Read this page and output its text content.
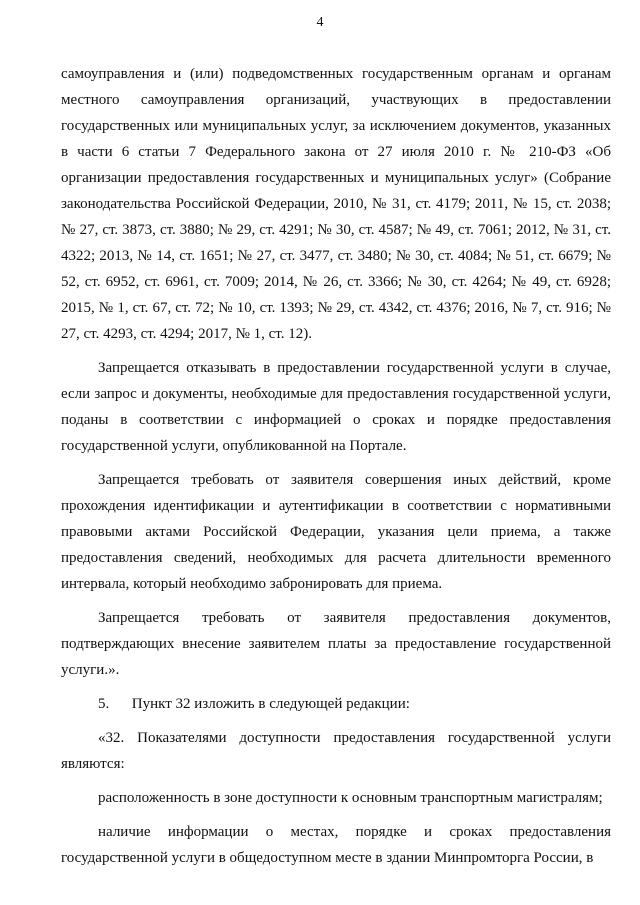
4

самоуправления и (или) подведомственных государственным органам и органам местного самоуправления организаций, участвующих в предоставлении государственных или муниципальных услуг, за исключением документов, указанных в части 6 статьи 7 Федерального закона от 27 июля 2010 г. № 210-ФЗ «Об организации предоставления государственных и муниципальных услуг» (Собрание законодательства Российской Федерации, 2010, № 31, ст. 4179; 2011, № 15, ст. 2038; № 27, ст. 3873, ст. 3880; № 29, ст. 4291; № 30, ст. 4587; № 49, ст. 7061; 2012, № 31, ст. 4322; 2013, № 14, ст. 1651; № 27, ст. 3477, ст. 3480; № 30, ст. 4084; № 51, ст. 6679; № 52, ст. 6952, ст. 6961, ст. 7009; 2014, № 26, ст. 3366; № 30, ст. 4264; № 49, ст. 6928; 2015, № 1, ст. 67, ст. 72; № 10, ст. 1393; № 29, ст. 4342, ст. 4376; 2016, № 7, ст. 916; № 27, ст. 4293, ст. 4294; 2017, № 1, ст. 12).

Запрещается отказывать в предоставлении государственной услуги в случае, если запрос и документы, необходимые для предоставления государственной услуги, поданы в соответствии с информацией о сроках и порядке предоставления государственной услуги, опубликованной на Портале.

Запрещается требовать от заявителя совершения иных действий, кроме прохождения идентификации и аутентификации в соответствии с нормативными правовыми актами Российской Федерации, указания цели приема, а также предоставления сведений, необходимых для расчета длительности временного интервала, который необходимо забронировать для приема.

Запрещается требовать от заявителя предоставления документов, подтверждающих внесение заявителем платы за предоставление государственной услуги.».

5.      Пункт 32 изложить в следующей редакции:

«32. Показателями доступности предоставления государственной услуги являются:

расположенность в зоне доступности к основным транспортным магистралям;

наличие информации о местах, порядке и сроках предоставления государственной услуги в общедоступном месте в здании Минпромторга России, в
